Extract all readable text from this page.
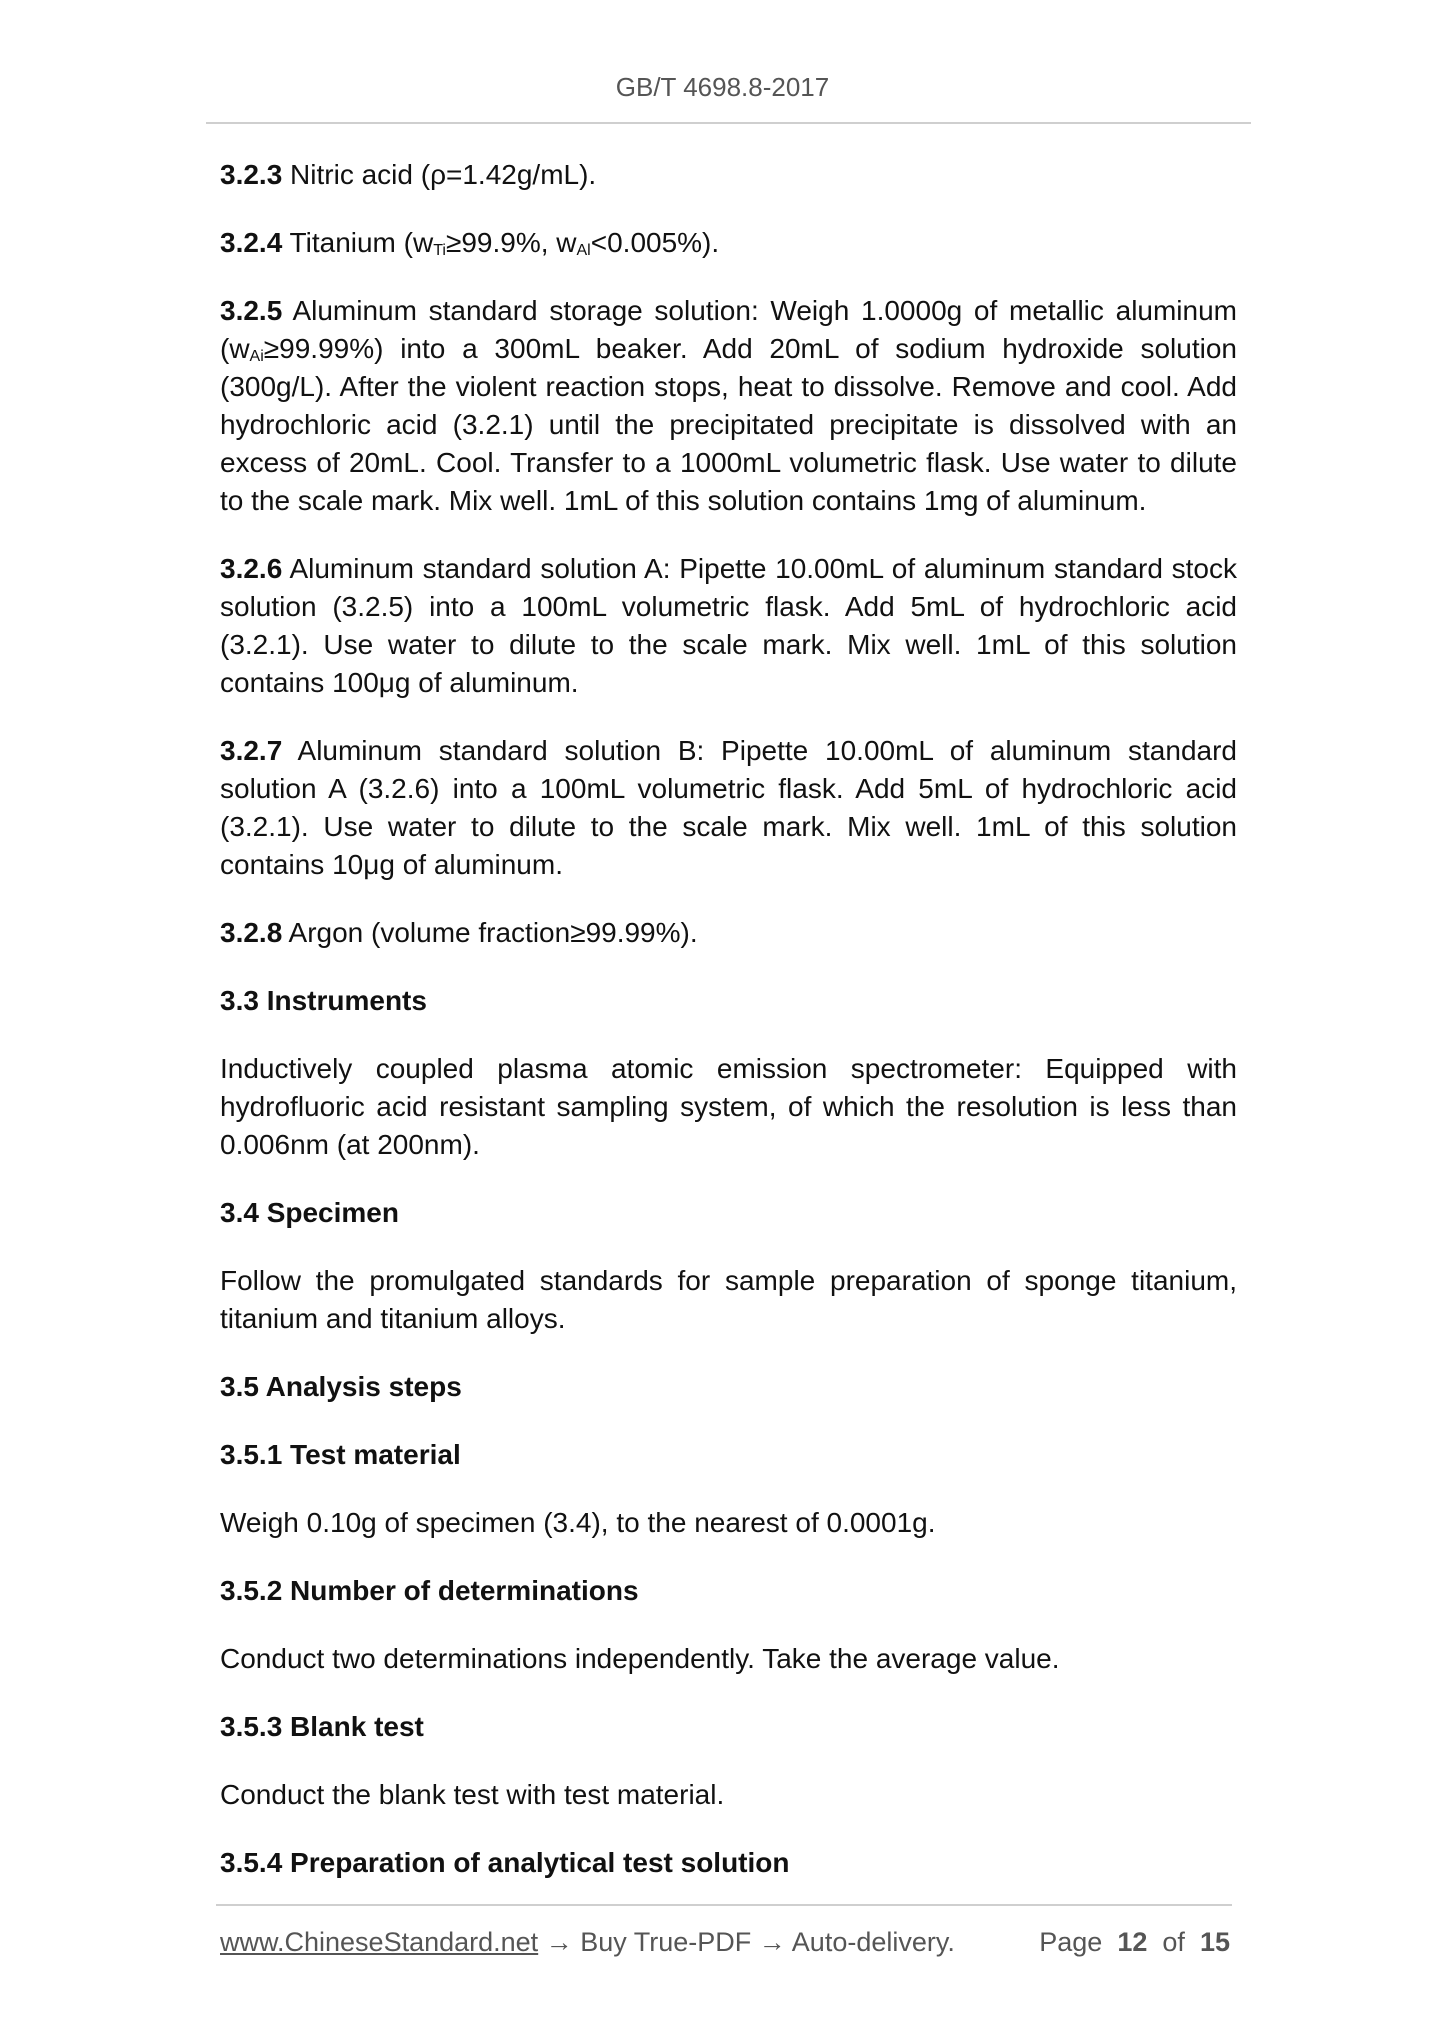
GB/T 4698.8-2017

3.2.3 Nitric acid (ρ=1.42g/mL).

3.2.4 Titanium (wTi≥99.9%, wAl<0.005%).

3.2.5 Aluminum standard storage solution: Weigh 1.0000g of metallic aluminum (wAi≥99.99%) into a 300mL beaker. Add 20mL of sodium hydroxide solution (300g/L). After the violent reaction stops, heat to dissolve. Remove and cool. Add hydrochloric acid (3.2.1) until the precipitated precipitate is dissolved with an excess of 20mL. Cool. Transfer to a 1000mL volumetric flask. Use water to dilute to the scale mark. Mix well. 1mL of this solution contains 1mg of aluminum.

3.2.6 Aluminum standard solution A: Pipette 10.00mL of aluminum standard stock solution (3.2.5) into a 100mL volumetric flask. Add 5mL of hydrochloric acid (3.2.1). Use water to dilute to the scale mark. Mix well. 1mL of this solution contains 100μg of aluminum.

3.2.7 Aluminum standard solution B: Pipette 10.00mL of aluminum standard solution A (3.2.6) into a 100mL volumetric flask. Add 5mL of hydrochloric acid (3.2.1). Use water to dilute to the scale mark. Mix well. 1mL of this solution contains 10μg of aluminum.

3.2.8 Argon (volume fraction≥99.99%).

3.3 Instruments

Inductively coupled plasma atomic emission spectrometer: Equipped with hydrofluoric acid resistant sampling system, of which the resolution is less than 0.006nm (at 200nm).

3.4 Specimen

Follow the promulgated standards for sample preparation of sponge titanium, titanium and titanium alloys.

3.5 Analysis steps

3.5.1 Test material

Weigh 0.10g of specimen (3.4), to the nearest of 0.0001g.

3.5.2 Number of determinations

Conduct two determinations independently. Take the average value.

3.5.3 Blank test

Conduct the blank test with test material.

3.5.4 Preparation of analytical test solution

www.ChineseStandard.net → Buy True-PDF → Auto-delivery.	Page 12 of 15
